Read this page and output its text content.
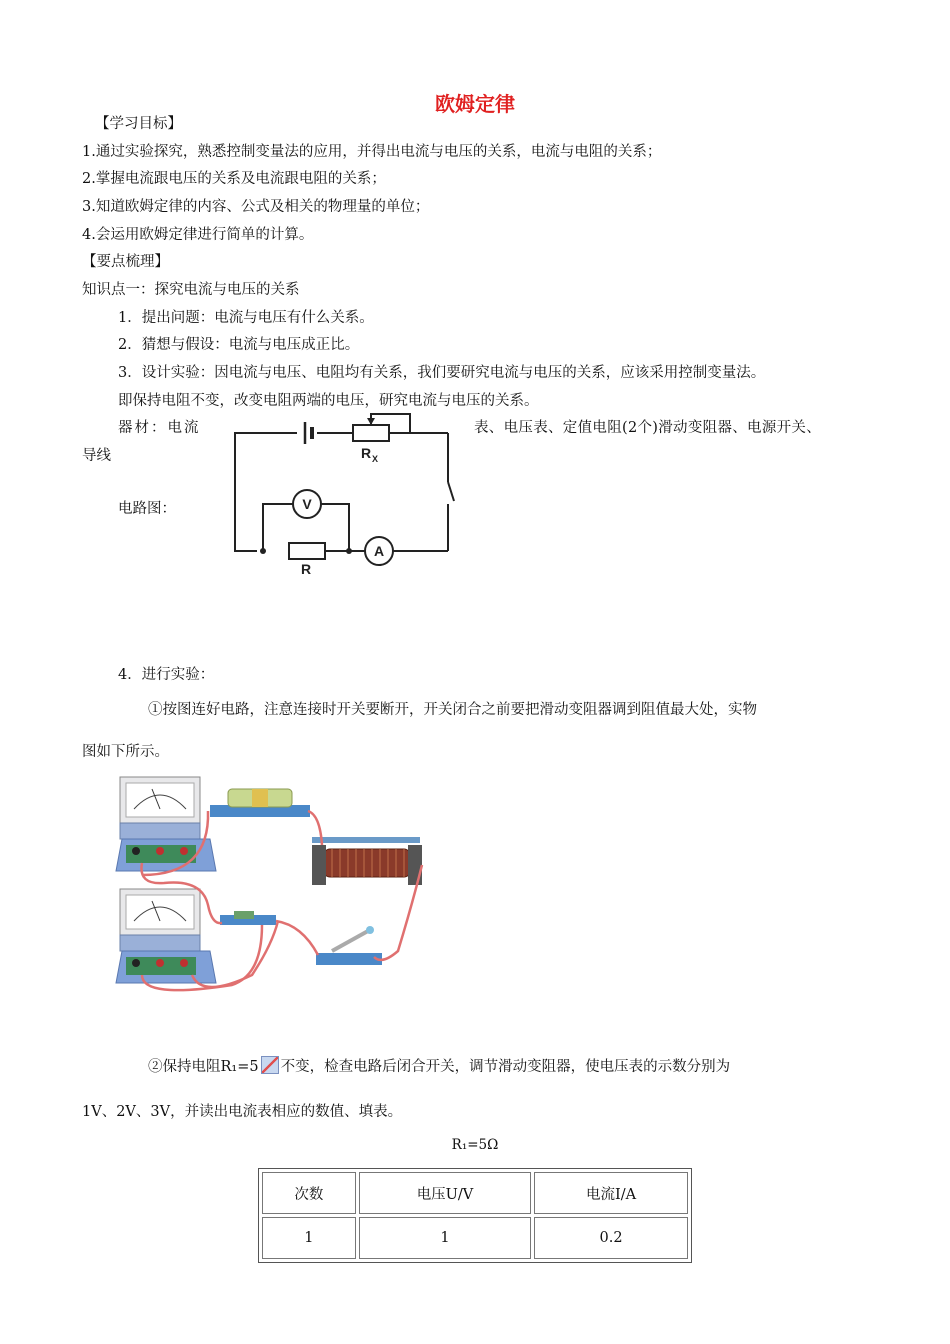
欧姆定律
【学习目标】
1.通过实验探究，熟悉控制变量法的应用，并得出电流与电压的关系，电流与电阻的关系；
2.掌握电流跟电压的关系及电流跟电阻的关系；
3.知道欧姆定律的内容、公式及相关的物理量的单位；
4.会运用欧姆定律进行简单的计算。
【要点梳理】
知识点一：探究电流与电压的关系
1．提出问题：电流与电压有什么关系。
2．猜想与假设：电流与电压成正比。
3．设计实验：因电流与电压、电阻均有关系，我们要研究电流与电压的关系，应该采用控制变量法。
即保持电阻不变，改变电阻两端的电压，研究电流与电压的关系。
器材：电流	表、电压表、定值电阻(2个)滑动变阻器、电源开关、
导线
电路图：
R X
R
V
A
4．进行实验：
①按图连好电路，注意连接时开关要断开，开关闭合之前要把滑动变阻器调到阻值最大处，实物
图如下所示。
②保持电阻R₁=5 不变，检查电路后闭合开关，调节滑动变阻器，使电压表的示数分别为
1V、2V、3V，并读出电流表相应的数值、填表。
R₁=5Ω
次数	电压U/V	电流I/A
1	1	0.2
